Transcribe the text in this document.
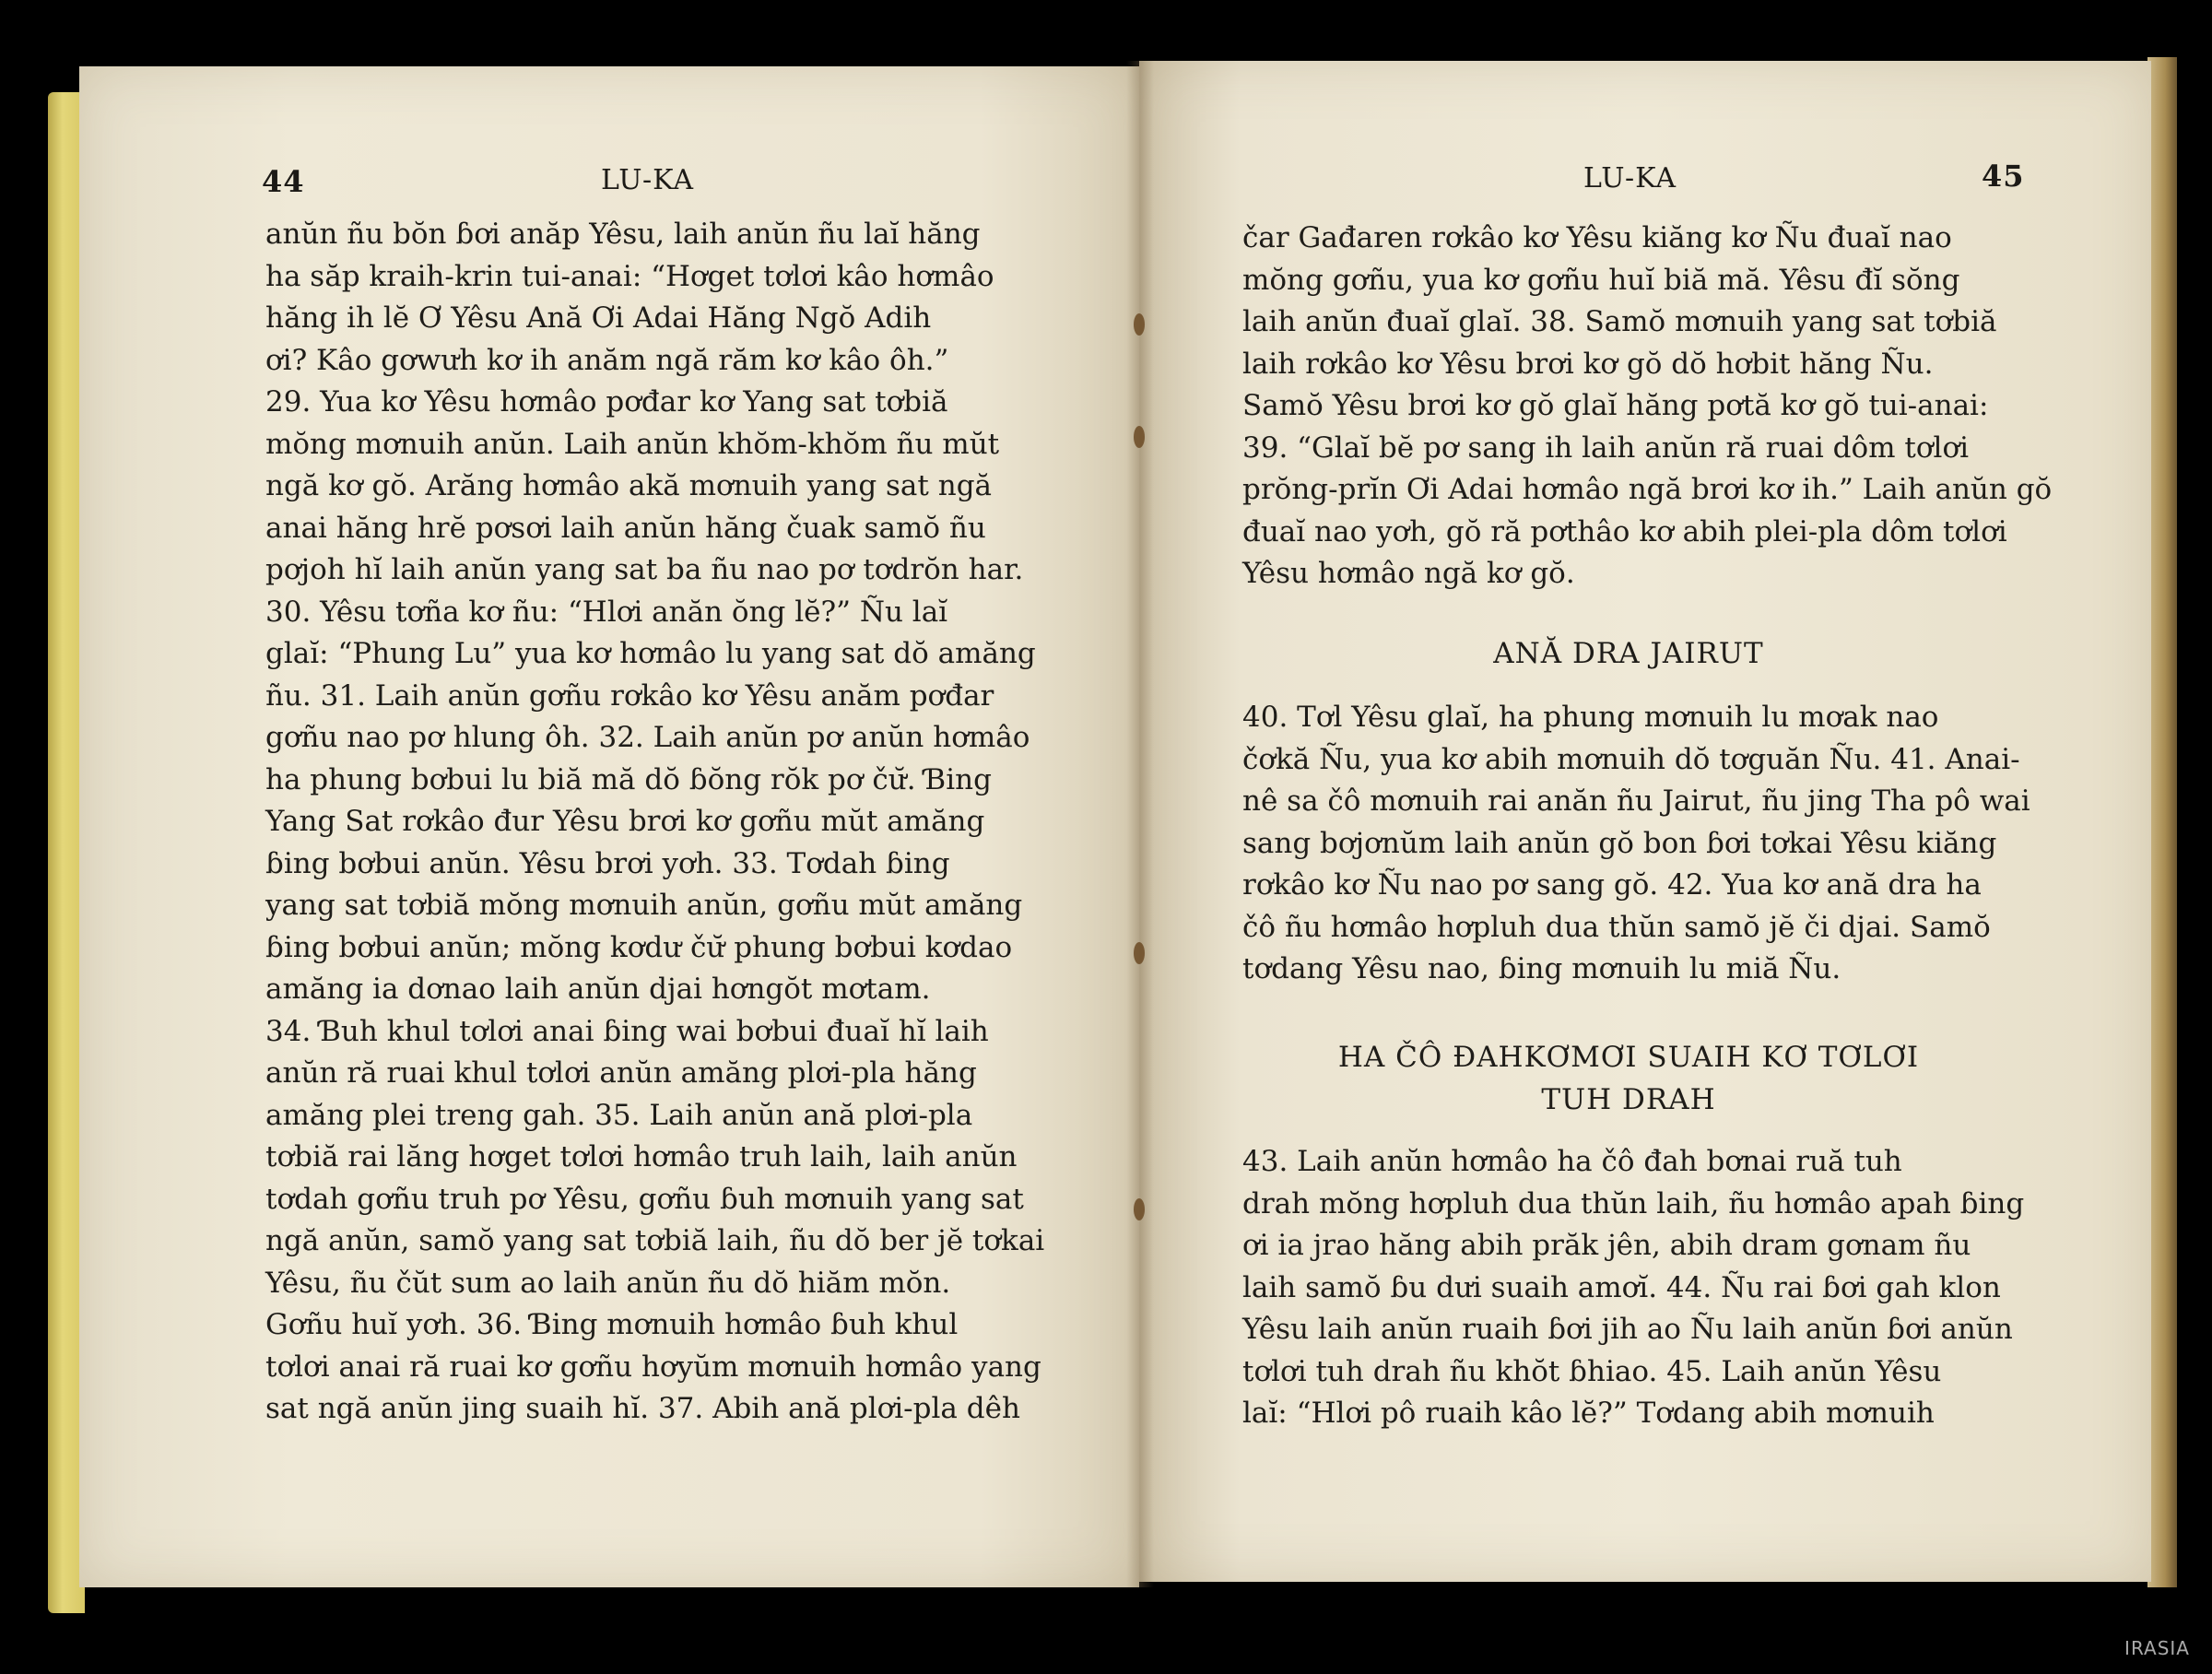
44	LU-KA
anŭn ñu bŏn ɓơi anăp Yêsu, laih anŭn ñu laĭ hăng
ha săp kraih-krin tui-anai: “Hơget tơlơi kâo hơmâo
hăng ih lĕ Ơ Yêsu Ană Ơi Adai Hăng Ngŏ Adih
ơi? Kâo gơwưh kơ ih anăm ngă răm kơ kâo ôh.”
29. Yua kơ Yêsu hơmâo pơđar kơ Yang sat tơbiă
mŏng mơnuih anŭn. Laih anŭn khŏm-khŏm ñu mŭt
ngă kơ gŏ. Arăng hơmâo akă mơnuih yang sat ngă
anai hăng hrĕ pơsơi laih anŭn hăng čuak samŏ ñu
pơjoh hĭ laih anŭn yang sat ba ñu nao pơ tơdrŏn har.
30. Yêsu tơña kơ ñu: “Hlơi anăn ŏng lĕ?” Ñu laĭ
glaĭ: “Phung Lu” yua kơ hơmâo lu yang sat dŏ amăng
ñu. 31. Laih anŭn gơñu rơkâo kơ Yêsu anăm pơđar
gơñu nao pơ hlung ôh. 32. Laih anŭn pơ anŭn hơmâo
ha phung bơbui lu biă mă dŏ ɓŏng rŏk pơ čư̆. Ɓing
Yang Sat rơkâo đur Yêsu brơi kơ gơñu mŭt amăng
ɓing bơbui anŭn. Yêsu brơi yơh. 33. Tơdah ɓing
yang sat tơbiă mŏng mơnuih anŭn, gơñu mŭt amăng
ɓing bơbui anŭn; mŏng kơdư čư̆ phung bơbui kơdao
amăng ia dơnao laih anŭn djai hơngŏt mơtam.
34. Ɓuh khul tơlơi anai ɓing wai bơbui đuaĭ hĭ laih
anŭn ră ruai khul tơlơi anŭn amăng plơi-pla hăng
amăng plei treng gah. 35. Laih anŭn ană plơi-pla
tơbiă rai lăng hơget tơlơi hơmâo truh laih, laih anŭn
tơdah gơñu truh pơ Yêsu, gơñu ɓuh mơnuih yang sat
ngă anŭn, samŏ yang sat tơbiă laih, ñu dŏ ber jĕ tơkai
Yêsu, ñu čŭt sum ao laih anŭn ñu dŏ hiăm mŏn.
Gơñu huĭ yơh. 36. Ɓing mơnuih hơmâo ɓuh khul
tơlơi anai ră ruai kơ gơñu hơyŭm mơnuih hơmâo yang
sat ngă anŭn jing suaih hĭ. 37. Abih ană plơi-pla dêh
LU-KA	45
čar Gađaren rơkâo kơ Yêsu kiăng kơ Ñu đuaĭ nao
mŏng gơñu, yua kơ gơñu huĭ biă mă. Yêsu đĭ sŏng
laih anŭn đuaĭ glaĭ. 38. Samŏ mơnuih yang sat tơbiă
laih rơkâo kơ Yêsu brơi kơ gŏ dŏ hơbit hăng Ñu.
Samŏ Yêsu brơi kơ gŏ glaĭ hăng pơtă kơ gŏ tui-anai:
39. “Glaĭ bĕ pơ sang ih laih anŭn ră ruai dôm tơlơi
prŏng-prĭn Ơi Adai hơmâo ngă brơi kơ ih.” Laih anŭn gŏ
đuaĭ nao yơh, gŏ ră pơthâo kơ abih plei-pla dôm tơlơi
Yêsu hơmâo ngă kơ gŏ.
ANĂ DRA JAIRUT
40. Tơl Yêsu glaĭ, ha phung mơnuih lu mơak nao
čơkă Ñu, yua kơ abih mơnuih dŏ tơguăn Ñu. 41. Anai-
nê sa čô mơnuih rai anăn ñu Jairut, ñu jing Tha pô wai
sang bơjơnŭm laih anŭn gŏ bon ɓơi tơkai Yêsu kiăng
rơkâo kơ Ñu nao pơ sang gŏ. 42. Yua kơ ană dra ha
čô ñu hơmâo hơpluh dua thŭn samŏ jĕ či djai. Samŏ
tơdang Yêsu nao, ɓing mơnuih lu miă Ñu.
HA ČÔ ĐAHKƠMƠI SUAIH KƠ TƠLƠI
TUH DRAH
43. Laih anŭn hơmâo ha čô đah bơnai ruă tuh
drah mŏng hơpluh dua thŭn laih, ñu hơmâo apah ɓing
ơi ia jrao hăng abih prăk jên, abih dram gơnam ñu
laih samŏ ɓu dưi suaih amơĭ. 44. Ñu rai ɓơi gah klon
Yêsu laih anŭn ruaih ɓơi jih ao Ñu laih anŭn ɓơi anŭn
tơlơi tuh drah ñu khŏt ɓhiao. 45. Laih anŭn Yêsu
laĭ: “Hlơi pô ruaih kâo lĕ?” Tơdang abih mơnuih
IRASIA
